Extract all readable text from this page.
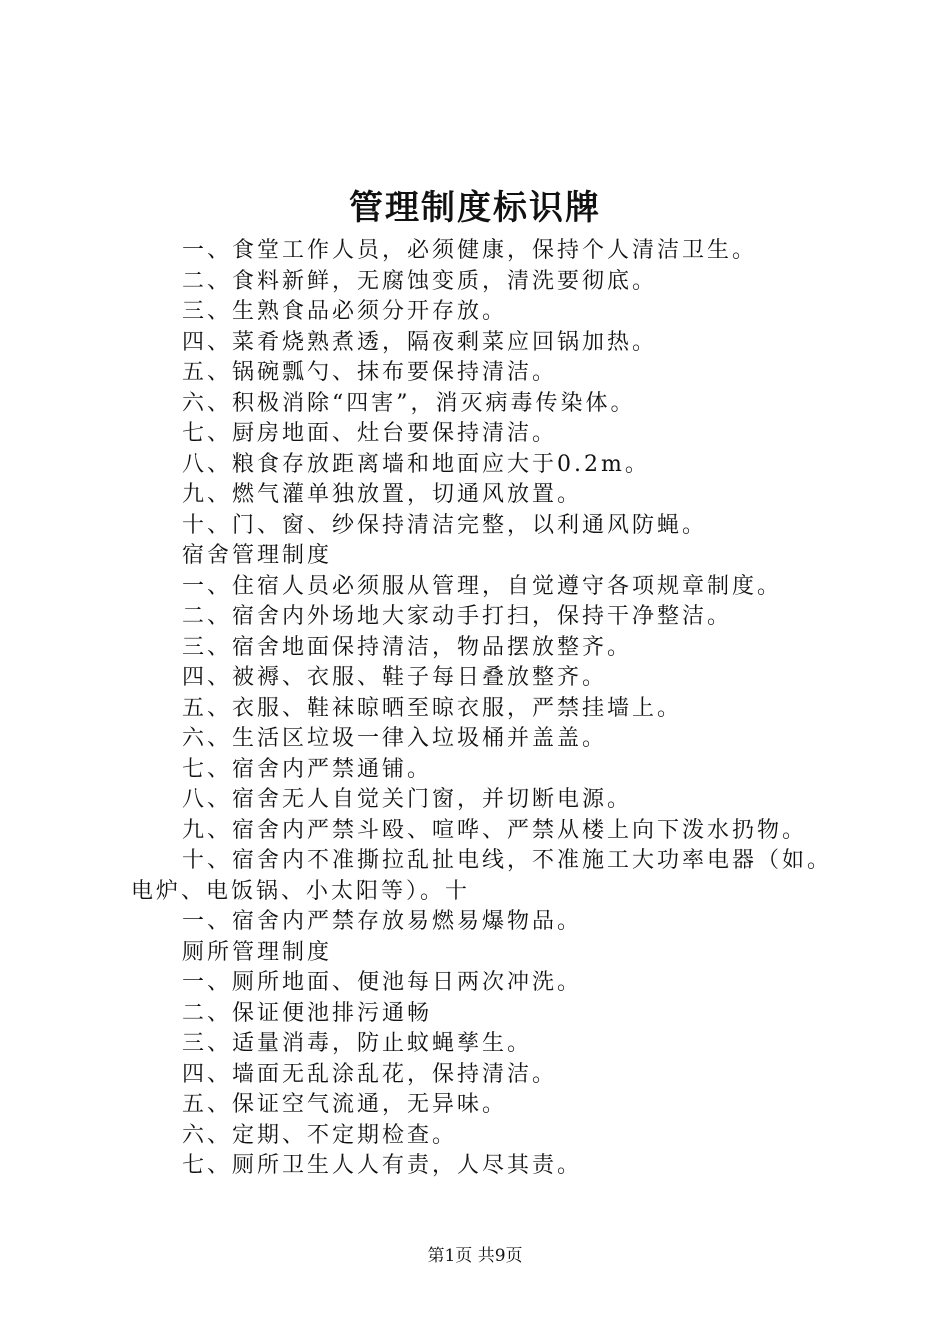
管理制度标识牌
一、食堂工作人员，必须健康，保持个人清洁卫生。
二、食料新鲜，无腐蚀变质，清洗要彻底。
三、生熟食品必须分开存放。
四、菜肴烧熟煮透，隔夜剩菜应回锅加热。
五、锅碗瓢勺、抹布要保持清洁。
六、积极消除“四害”，消灭病毒传染体。
七、厨房地面、灶台要保持清洁。
八、粮食存放距离墙和地面应大于0.2m。
九、燃气灌单独放置，切通风放置。
十、门、窗、纱保持清洁完整，以利通风防蝇。
宿舍管理制度
一、住宿人员必须服从管理，自觉遵守各项规章制度。
二、宿舍内外场地大家动手打扫，保持干净整洁。
三、宿舍地面保持清洁，物品摆放整齐。
四、被褥、衣服、鞋子每日叠放整齐。
五、衣服、鞋袜晾晒至晾衣服，严禁挂墙上。
六、生活区垃圾一律入垃圾桶并盖盖。
七、宿舍内严禁通铺。
八、宿舍无人自觉关门窗，并切断电源。
九、宿舍内严禁斗殴、喧哗、严禁从楼上向下泼水扔物。
十、宿舍内不准撕拉乱扯电线，不准施工大功率电器（如。
电炉、电饭锅、小太阳等）。十
一、宿舍内严禁存放易燃易爆物品。
厕所管理制度
一、厕所地面、便池每日两次冲洗。
二、保证便池排污通畅
三、适量消毒，防止蚊蝇孳生。
四、墙面无乱涂乱花，保持清洁。
五、保证空气流通，无异味。
六、定期、不定期检查。
七、厕所卫生人人有责，人尽其责。
第1页 共9页
